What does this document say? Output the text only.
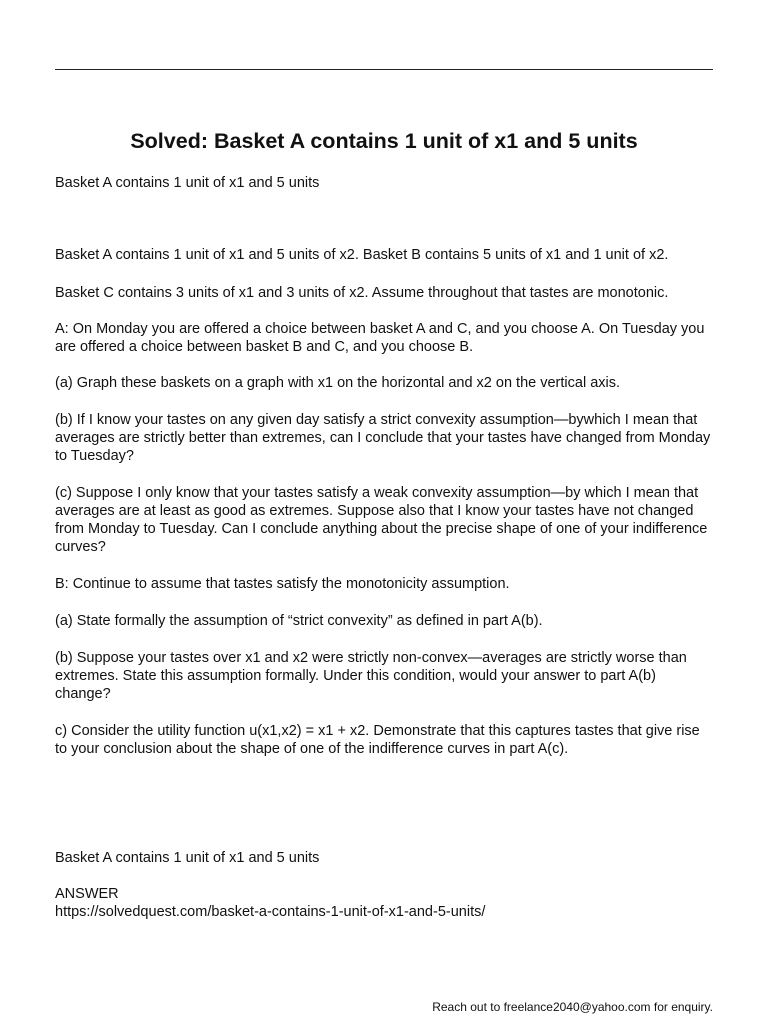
Solved: Basket A contains 1 unit of x1 and 5 units

Basket A contains 1 unit of x1 and 5 units

Basket A contains 1 unit of x1 and 5 units of x2. Basket B contains 5 units of x1 and 1 unit of x2.

Basket C contains 3 units of x1 and 3 units of x2. Assume throughout that tastes are monotonic.

A: On Monday you are offered a choice between basket A and C, and you choose A. On Tuesday you are offered a choice between basket B and C, and you choose B.

(a) Graph these baskets on a graph with x1 on the horizontal and x2 on the vertical axis.

(b) If I know your tastes on any given day satisfy a strict convexity assumption—bywhich I mean that averages are strictly better than extremes, can I conclude that your tastes have changed from Monday to Tuesday?

(c) Suppose I only know that your tastes satisfy a weak convexity assumption—by which I mean that averages are at least as good as extremes. Suppose also that I know your tastes have not changed from Monday to Tuesday. Can I conclude anything about the precise shape of one of your indifference curves?

B: Continue to assume that tastes satisfy the monotonicity assumption.

(a) State formally the assumption of “strict convexity” as defined in part A(b).

(b) Suppose your tastes over x1 and x2 were strictly non-convex—averages are strictly worse than extremes. State this assumption formally. Under this condition, would your answer to part A(b) change?

c) Consider the utility function u(x1,x2) = x1 + x2. Demonstrate that this captures tastes that give rise to your conclusion about the shape of one of the indifference curves in part A(c).

Basket A contains 1 unit of x1 and 5 units

ANSWER

https://solvedquest.com/basket-a-contains-1-unit-of-x1-and-5-units/

Reach out to freelance2040@yahoo.com for enquiry.
